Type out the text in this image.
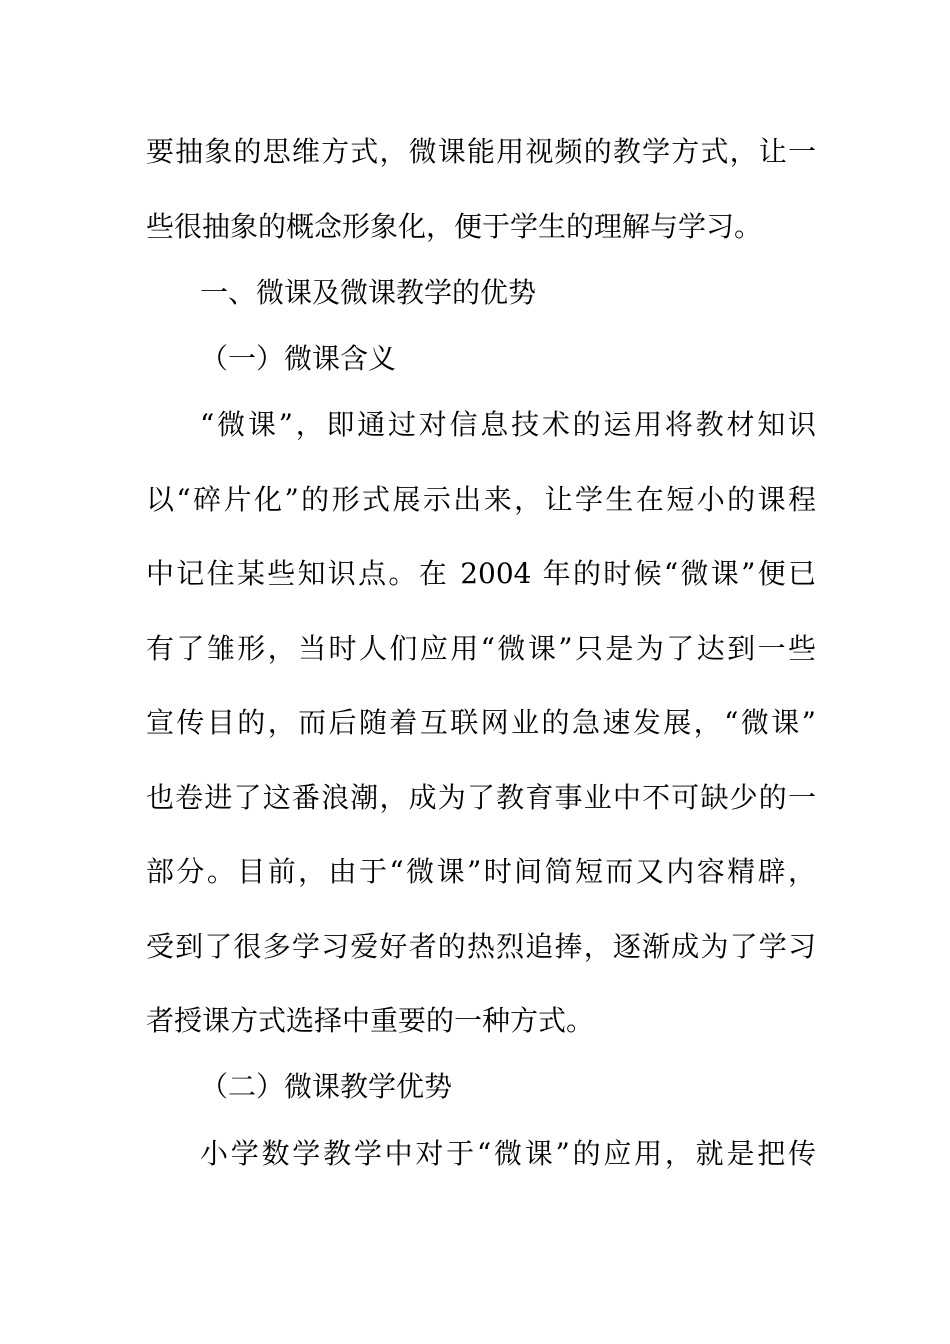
要抽象的思维方式，微课能用视频的教学方式，让一
些很抽象的概念形象化，便于学生的理解与学习。
一、微课及微课教学的优势
（一）微课含义
“微课”，即通过对信息技术的运用将教材知识
以“碎片化”的形式展示出来，让学生在短小的课程
中记住某些知识点。在 2004 年的时候“微课”便已
有了雏形，当时人们应用“微课”只是为了达到一些
宣传目的，而后随着互联网业的急速发展，“微课”
也卷进了这番浪潮，成为了教育事业中不可缺少的一
部分。目前，由于“微课”时间简短而又内容精辟，
受到了很多学习爱好者的热烈追捧，逐渐成为了学习
者授课方式选择中重要的一种方式。
（二）微课教学优势
小学数学教学中对于“微课”的应用，就是把传
